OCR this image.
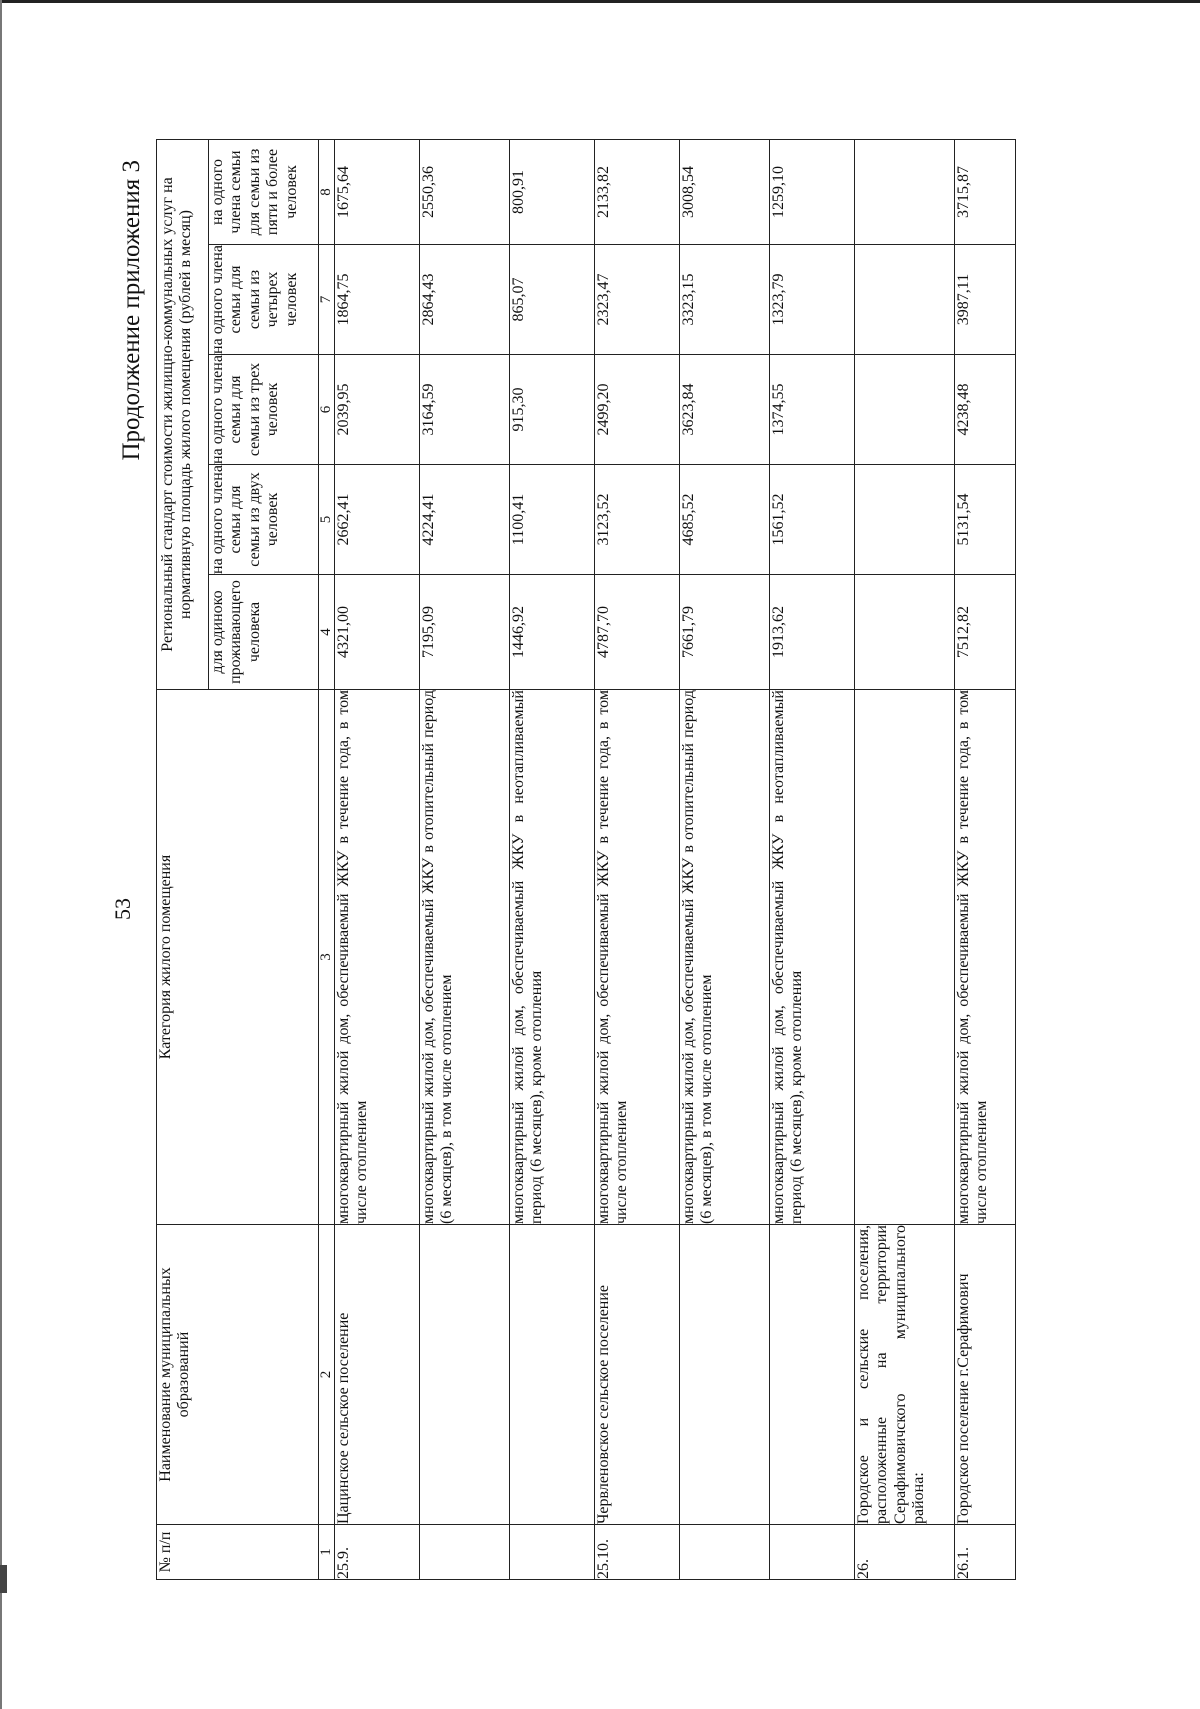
53
Продолжение приложения 3
№ п/п	Наименование муниципальных образований	Категория жилого помещения	Региональный стандарт стоимости жилищно-коммунальных услуг на нормативную площадь жилого помещения (рублей в месяц)				
			для одиноко проживающего человека	на одного члена семьи для семьи из двух человек	на одного члена семьи для семьи из трех человек	на одного члена семьи для семьи из четырех человек	на одного члена семьи для семьи из пяти и более человек
1	2	3	4	5	6	7	8
25.9.	Цацинское сельское поселение	многоквартирный жилой дом, обеспечиваемый ЖКУ в течение года, в том числе отоплением	4321,00	2662,41	2039,95	1864,75	1675,64
		многоквартирный жилой дом, обеспечиваемый ЖКУ в отопительный период (6 месяцев), в том числе отоплением	7195,09	4224,41	3164,59	2864,43	2550,36
		многоквартирный жилой дом, обеспечиваемый ЖКУ в неотапливаемый период (6 месяцев), кроме отопления	1446,92	1100,41	915,30	865,07	800,91
25.10.	Червленовское сельское поселение	многоквартирный жилой дом, обеспечиваемый ЖКУ в течение года, в том числе отоплением	4787,70	3123,52	2499,20	2323,47	2133,82
		многоквартирный жилой дом, обеспечиваемый ЖКУ в отопительный период (6 месяцев), в том числе отоплением	7661,79	4685,52	3623,84	3323,15	3008,54
		многоквартирный жилой дом, обеспечиваемый ЖКУ в неотапливаемый период (6 месяцев), кроме отопления	1913,62	1561,52	1374,55	1323,79	1259,10
26.	Городское и сельские поселения, расположенные на территории Серафимовичского муниципального района:						
26.1.	Городское поселение г.Серафимович	многоквартирный жилой дом, обеспечиваемый ЖКУ в течение года, в том числе отоплением	7512,82	5131,54	4238,48	3987,11	3715,87
